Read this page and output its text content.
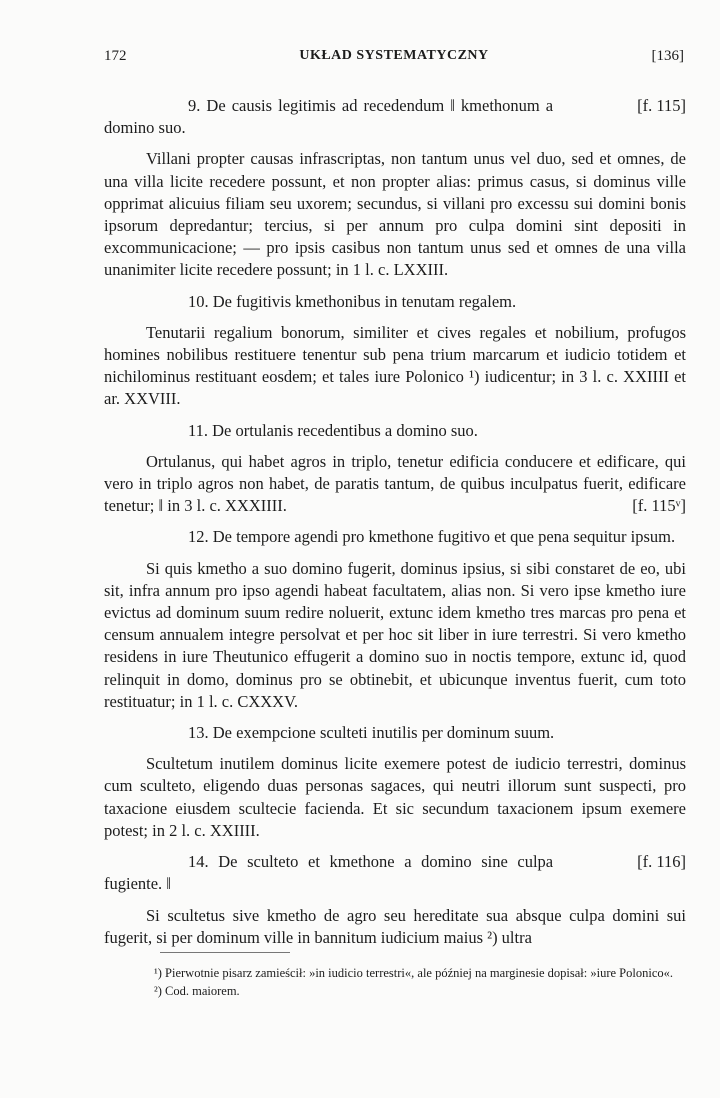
172	UKŁAD SYSTEMATYCZNY	[136]

[f. 115]
9. De causis legitimis ad recedendum ‖ kmethonum a domino suo.

Villani propter causas infrascriptas, non tantum unus vel duo, sed et omnes, de una villa licite recedere possunt, et non propter alias: primus casus, si dominus ville opprimat alicuius filiam seu uxorem; secundus, si villani pro excessu sui domini bonis ipsorum depredantur; tercius, si per annum pro culpa domini sint depositi in excommunicacione; — pro ipsis casibus non tantum unus sed et omnes de una villa unanimiter licite recedere possunt; in 1 l. c. LXXIII.

10. De fugitivis kmethonibus in tenutam regalem.

Tenutarii regalium bonorum, similiter et cives regales et nobilium, profugos homines nobilibus restituere tenentur sub pena trium marcarum et iudicio totidem et nichilominus restituant eosdem; et tales iure Polonico ¹) iudicentur; in 3 l. c. XXIIII et ar. XXVIII.

11. De ortulanis recedentibus a domino suo.

Ortulanus, qui habet agros in triplo, tenetur edificia conducere et edificare, qui vero in triplo agros non habet, de paratis tantum, de quibus inculpatus fuerit, edificare tenetur; ‖ in 3 l. c. XXXIIII.	[f. 115ᵛ]

12. De tempore agendi pro kmethone fugitivo et que pena sequitur ipsum.

Si quis kmetho a suo domino fugerit, dominus ipsius, si sibi constaret de eo, ubi sit, infra annum pro ipso agendi habeat facultatem, alias non. Si vero ipse kmetho iure evictus ad dominum suum redire noluerit, extunc idem kmetho tres marcas pro pena et censum annualem integre persolvat et per hoc sit liber in iure terrestri. Si vero kmetho residens in iure Theutunico effugerit a domino suo in noctis tempore, extunc id, quod relinquit in domo, dominus pro se obtinebit, et ubicunque inventus fuerit, cum toto restituatur; in 1 l. c. CXXXV.

13. De exempcione sculteti inutilis per dominum suum.

Scultetum inutilem dominus licite exemere potest de iudicio terrestri, dominus cum sculteto, eligendo duas personas sagaces, qui neutri illorum sunt suspecti, pro taxacione eiusdem scultecie facienda. Et sic secundum taxacionem ipsum exemere potest; in 2 l. c. XXIIII.

[f. 116]
14. De sculteto et kmethone a domino sine culpa fugiente. ‖

Si scultetus sive kmetho de agro seu hereditate sua absque culpa domini sui fugerit, si per dominum ville in bannitum iudicium maius ²) ultra

¹) Pierwotnie pisarz zamieścił: »in iudicio terrestri«, ale później na marginesie dopisał: »iure Polonico«.

²) Cod. maiorem.
